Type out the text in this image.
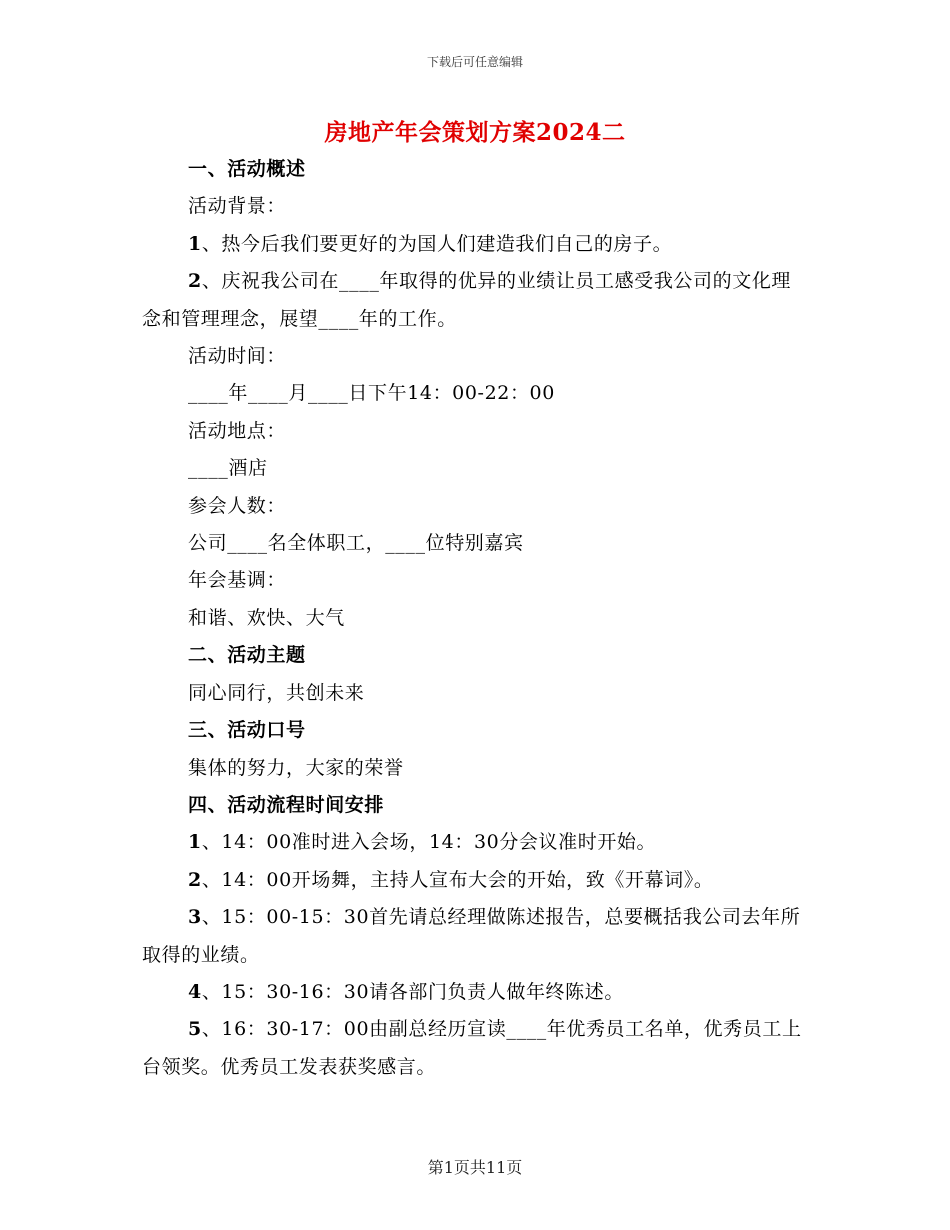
下载后可任意编辑
房地产年会策划方案2024二
一、活动概述
活动背景：

1、热今后我们要更好的为国人们建造我们自己的房子。

2、庆祝我公司在____年取得的优异的业绩让员工感受我公司的文化理念和管理理念，展望____年的工作。

活动时间：
____年____月____日下午14：00-22：00
活动地点：
____酒店
参会人数：
公司____名全体职工，____位特别嘉宾
年会基调：
和谐、欢快、大气
二、活动主题
同心同行，共创未来
三、活动口号
集体的努力，大家的荣誉
四、活动流程时间安排

1、14：00准时进入会场，14：30分会议准时开始。

2、14：00开场舞，主持人宣布大会的开始，致《开幕词》。

3、15：00-15：30首先请总经理做陈述报告，总要概括我公司去年所取得的业绩。

4、15：30-16：30请各部门负责人做年终陈述。

5、16：30-17：00由副总经历宣读____年优秀员工名单，优秀员工上台领奖。优秀员工发表获奖感言。

第1页共11页
